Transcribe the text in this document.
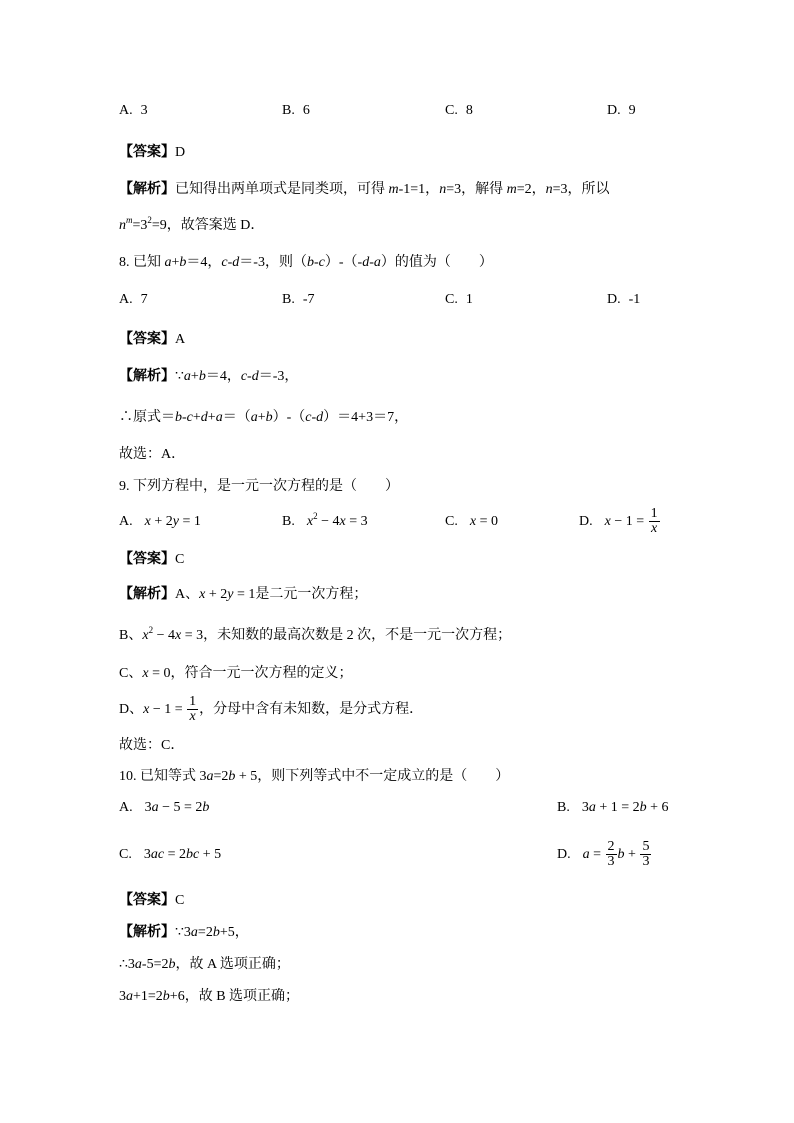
A. 3	B. 6	C. 8	D. 9
【答案】D
【解析】已知得出两单项式是同类项，可得 m-1=1，n=3，解得 m=2，n=3，所以
$n^m=3^2=9$，故答案选 D．
8. 已知 a+b＝4，c-d＝-3，则（b-c）-（-d-a）的值为（　　）
A. 7	B. -7	C. 1	D. -1
【答案】A
【解析】∵a+b＝4，c-d＝-3，
∴原式＝b-c+d+a＝（a+b）-（c-d）＝4+3＝7，
故选：A．
9. 下列方程中，是一元一次方程的是（　　）
A. x + 2y = 1	B. $x^2 - 4x = 3$	C. x = 0	D. $x - 1 = \frac{1}{x}$
【答案】C
【解析】A、x + 2y = 1是二元一次方程；
B、$x^2 - 4x = 3$，未知数的最高次数是 2 次，不是一元一次方程；
C、x = 0，符合一元一次方程的定义；
D、$x - 1 = \frac{1}{x}$ ，分母中含有未知数，是分式方程．
故选：C．
10. 已知等式 3a=2b + 5，则下列等式中不一定成立的是（　　）
A. 3a − 5 = 2b	B. 3a + 1 = 2b + 6
C. 3ac = 2bc + 5	D. $a = \frac{2}{3}$ $b + \frac{5}{3}$
【答案】C
【解析】∵3a=2b+5，
∴3a-5=2b，故 A 选项正确；
3a+1=2b+6，故 B 选项正确；
